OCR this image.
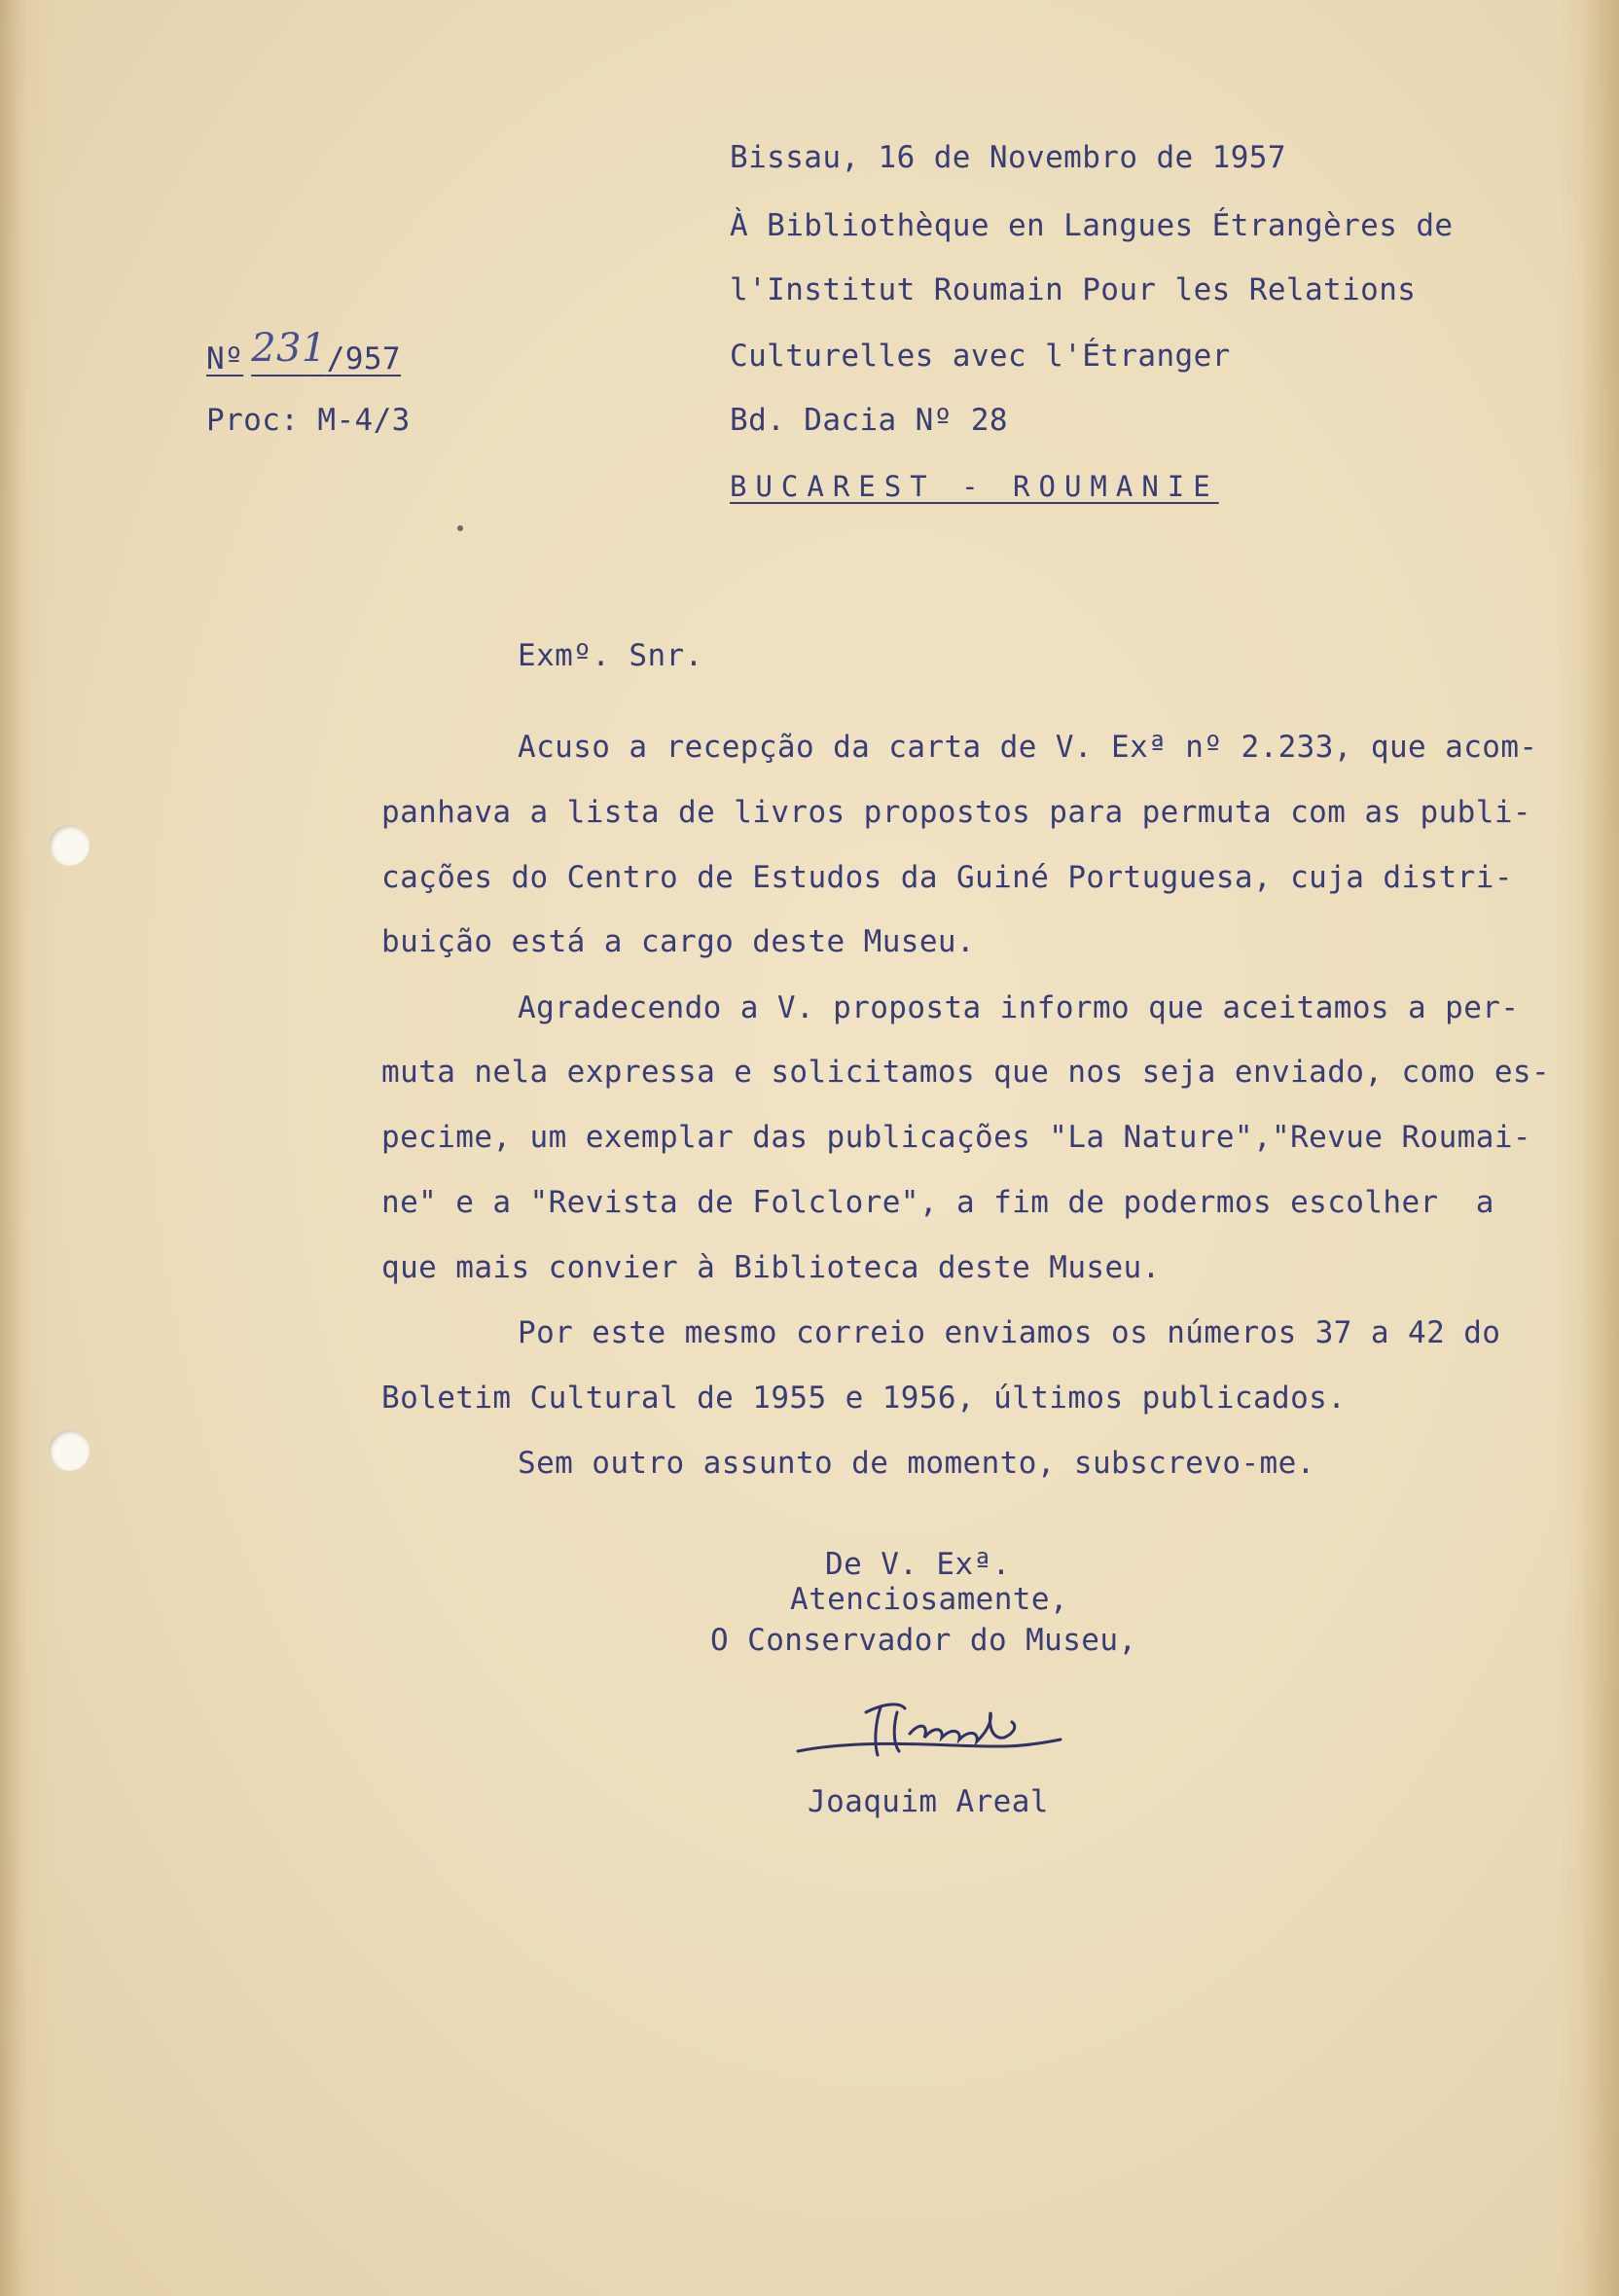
Bissau, 16 de Novembro de 1957
À Bibliothèque en Langues Étrangères de
l'Institut Roumain Pour les Relations
Culturelles avec l'Étranger
Bd. Dacia Nº 28
BUCAREST - ROUMANIE
Nº 231/957
Proc: M-4/3
Exmº. Snr.
Acuso a recepção da carta de V. Exª nº 2.233, que acom-
panhava a lista de livros propostos para permuta com as publi-
cações do Centro de Estudos da Guiné Portuguesa, cuja distri-
buição está a cargo deste Museu.
Agradecendo a V. proposta informo que aceitamos a per-
muta nela expressa e solicitamos que nos seja enviado, como es-
pecime, um exemplar das publicações "La Nature","Revue Roumai-
ne" e a "Revista de Folclore", a fim de podermos escolher  a
que mais convier à Biblioteca deste Museu.
Por este mesmo correio enviamos os números 37 a 42 do
Boletim Cultural de 1955 e 1956, últimos publicados.
Sem outro assunto de momento, subscrevo-me.
De V. Exª.
Atenciosamente,
O Conservador do Museu,
Joaquim Areal
